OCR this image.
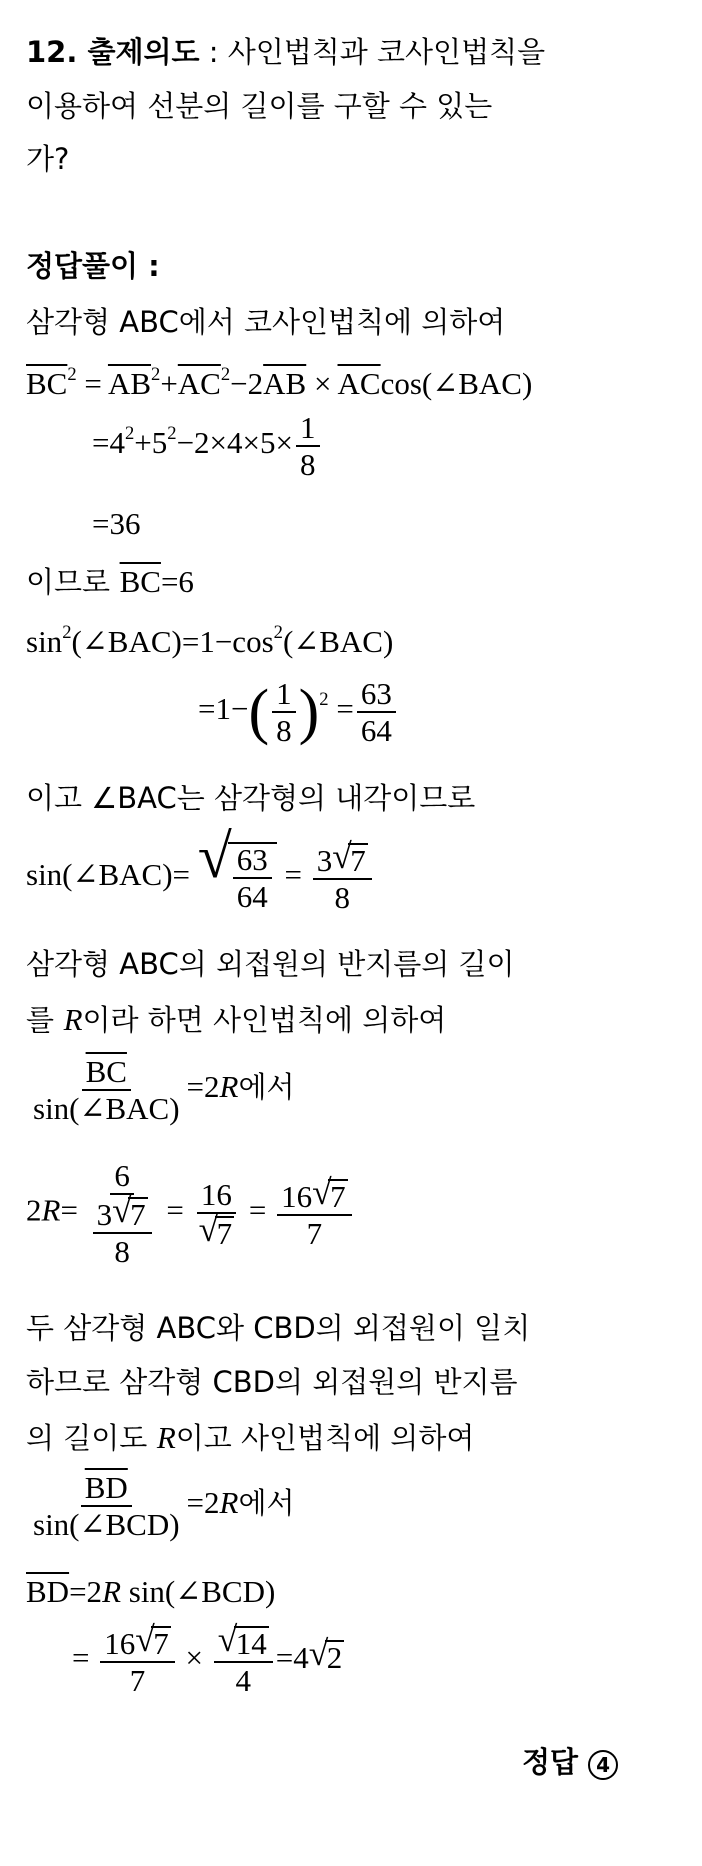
12. 출제의도 : 사인법칙과 코사인법칙을
이용하여 선분의 길이를 구할 수 있는
가?
정답풀이 :
삼각형 ABC에서 코사인법칙에 의하여
$\overline{BC}^2 = \overline{AB}^2+\overline{AC}^2-2\overline{AB}$ × $\overline{AC}\cos(\angle BAC)$
$=4^2+5^2-2\times 4\times 5\times \frac{1}{8}$
=36
이므로 $\overline{BC}=6$
$\sin^2(\angle BAC)=1-\cos^2(\angle BAC)$
$=1-( \frac{1}{8} )^2 = \frac{63}{64}$
이고 ∠BAC는 삼각형의 내각이므로
sin(∠BAC)= √ $\frac{63}{64} = 3$ √
7
8
삼각형 ABC의 외접원의 반지름의 길이
를 R이라 하면 사인법칙에 의하여
$\frac{\overline{BC}}{\text{sin(∠BAC)}} =2R$에서
2R= 6
3 √
7
8 = 16
√
7 = 16 √
7
7
두 삼각형 ABC와 CBD의 외접원이 일치
하므로 삼각형 CBD의 외접원의 반지름
의 길이도 R이고 사인법칙에 의하여
$\frac{\overline{BD}}{\text{sin(∠BCD)}} =2R$에서
$\overline{BD}=2R$ sin(∠BCD)
= 16 √
7
7 × √
14
4 =4 √
2
정답 4
